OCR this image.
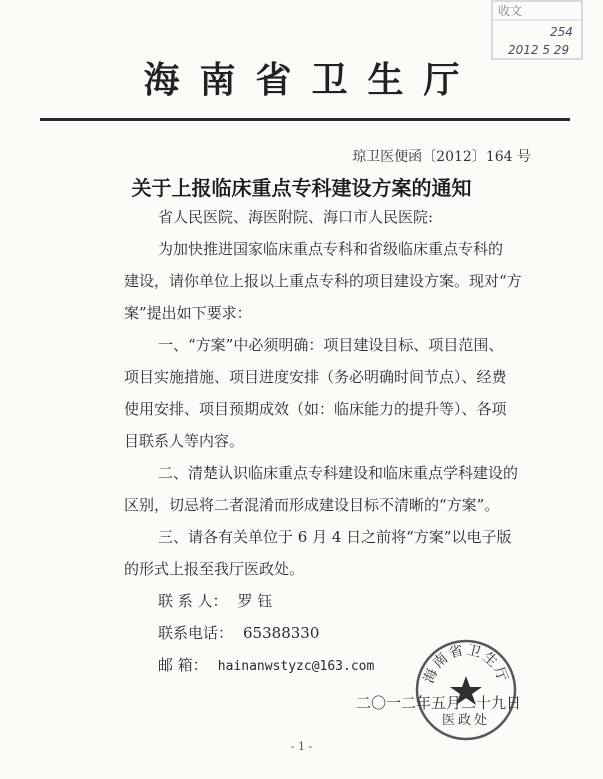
收文
254
2012 5 29
海南省卫生厅
琼卫医便函〔2012〕164 号
关于上报临床重点专科建设方案的通知
省人民医院、海医附院、海口市人民医院:
为加快推进国家临床重点专科和省级临床重点专科的
建设，请你单位上报以上重点专科的项目建设方案。现对“方
案”提出如下要求：
一、“方案”中必须明确：项目建设目标、项目范围、
项目实施措施、项目进度安排（务必明确时间节点）、经费
使用安排、项目预期成效（如：临床能力的提升等）、各项
目联系人等内容。
二、清楚认识临床重点专科建设和临床重点学科建设的
区别，切忌将二者混淆而形成建设目标不清晰的“方案”。
三、请各有关单位于 6 月 4 日之前将“方案”以电子版
的形式上报至我厅医政处。
联 系 人： 罗 钰
联系电话： 65388330
邮 箱： hainanwstyzc@163.com	海南省卫生厅
医政处
二〇一二年五月二十九日
- 1 -
